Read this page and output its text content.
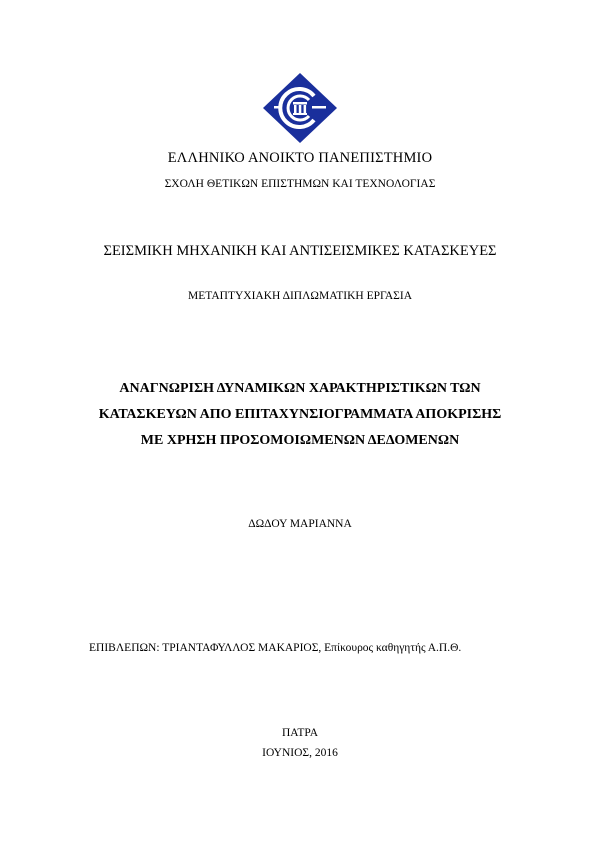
ΕΛΛΗΝΙΚΟ ΑΝΟΙΚΤΟ ΠΑΝΕΠΙΣΤΗΜΙΟ
ΣΧΟΛΗ ΘΕΤΙΚΩΝ ΕΠΙΣΤΗΜΩΝ ΚΑΙ ΤΕΧΝΟΛΟΓΙΑΣ
ΣΕΙΣΜΙΚΗ ΜΗΧΑΝΙΚΗ ΚΑΙ ΑΝΤΙΣΕΙΣΜΙΚΕΣ ΚΑΤΑΣΚΕΥΕΣ
ΜΕΤΑΠΤΥΧΙΑΚΗ ΔΙΠΛΩΜΑΤΙΚΗ ΕΡΓΑΣΙΑ
ΑΝΑΓΝΩΡΙΣΗ ΔΥΝΑΜΙΚΩΝ ΧΑΡΑΚΤΗΡΙΣΤΙΚΩΝ ΤΩΝ
ΚΑΤΑΣΚΕΥΩΝ ΑΠΟ ΕΠΙΤΑΧΥΝΣΙΟΓΡΑΜΜΑΤΑ ΑΠΟΚΡΙΣΗΣ
ΜΕ ΧΡΗΣΗ ΠΡΟΣΟΜΟΙΩΜΕΝΩΝ ΔΕΔΟΜΕΝΩΝ
ΔΩΔΟΥ ΜΑΡΙΑΝΝΑ
ΕΠΙΒΛΕΠΩΝ: ΤΡΙΑΝΤΑΦΥΛΛΟΣ ΜΑΚΑΡΙΟΣ, Επίκουρος καθηγητής Α.Π.Θ.
ΠΑΤΡΑ
ΙΟΥΝΙΟΣ, 2016
